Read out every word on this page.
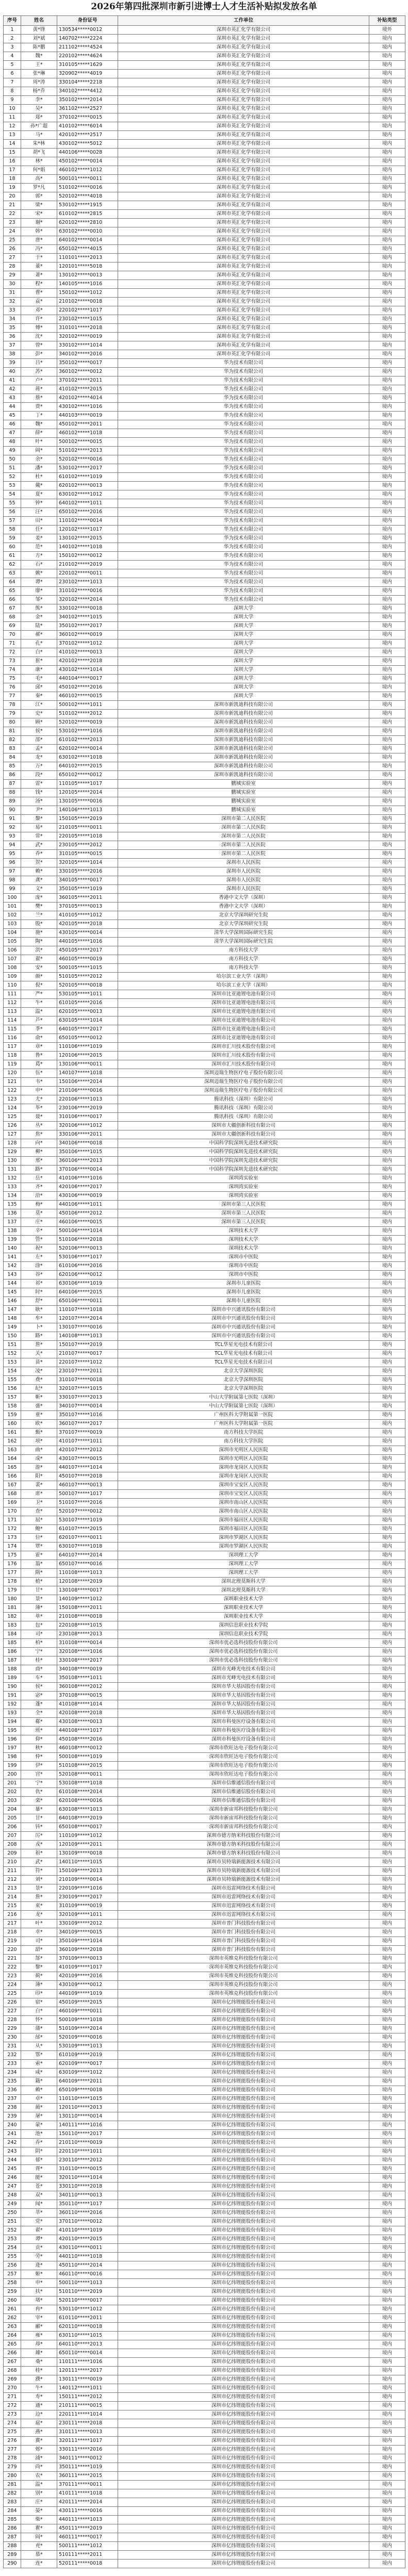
2026年第四批深圳市新引进博士人才生活补贴拟发放名单
序号	姓名	身份证号	工作单位	补贴类型
1	黄*锋	130534*****0012	深圳市英汇化学有限公司	境外
2	刘*斌	140702*****2224	深圳市英汇化学有限公司	境内
3	陈*鹏	211102*****4524	深圳市英汇化学有限公司	境内
4	魏*	220102*****4624	深圳市英汇化学有限公司	境内
5	王*	310105*****1629	深圳市英汇化学有限公司	境内
6	张*琳	320902*****4019	深圳市英汇化学有限公司	境内
7	周*涛	330104*****2218	深圳市英汇化学有限公司	境内
8	杨*乔	340102*****4412	深圳市英汇化学有限公司	境内
9	李*	350102*****2014	深圳市英汇化学有限公司	境内
10	吴*	361102*****2527	深圳市英汇化学有限公司	境内
11	郑*	370102*****0015	深圳市英汇化学有限公司	境内
12	孙*广超	410102*****6014	深圳市英汇化学有限公司	境内
13	马*	420102*****2517	深圳市英汇化学有限公司	境内
14	朱*林	430102*****5012	深圳市英汇化学有限公司	境内
15	胡*飞	440106*****0028	深圳市英汇化学有限公司	境内
16	林*	450102*****0014	深圳市英汇化学有限公司	境内
17	何*娟	460102*****1012	深圳市英汇化学有限公司	境内
18	高*	500101*****0011	深圳市英汇化学有限公司	境内
19	罗*凡	510102*****0016	深圳市英汇化学有限公司	境内
20	郭*	520102*****4018	深圳市英汇化学有限公司	境内
21	梁*	530102*****1915	深圳市英汇化学有限公司	境内
22	宋*	610102*****2815	深圳市英汇化学有限公司	境内
23	谢*	620102*****2810	深圳市英汇化学有限公司	境内
24	韩*	630102*****0010	深圳市英汇化学有限公司	境内
25	唐*	640102*****0014	深圳市英汇化学有限公司	境内
26	冯*	650102*****4015	深圳市英汇化学有限公司	境内
27	于*	110101*****2013	深圳市英汇化学有限公司	境内
28	董*	120101*****5018	深圳市英汇化学有限公司	境内
29	萧*	130102*****0013	深圳市英汇化学有限公司	境内
30	程*	140105*****1016	深圳市英汇化学有限公司	境内
31	曹*	150102*****1012	深圳市英汇化学有限公司	境内
32	袁*	210102*****0018	深圳市英汇化学有限公司	境内
33	邓*	220102*****1017	深圳市英汇化学有限公司	境内
34	许*	230102*****1015	深圳市英汇化学有限公司	境内
35	傅*	310101*****2018	深圳市英汇化学有限公司	境内
36	沈*	320102*****0019	深圳市英汇化学有限公司	境内
37	曾*	330102*****1014	深圳市英汇化学有限公司	境内
38	彭*	340102*****2016	深圳市英汇化学有限公司	境内
39	吕*	350102*****0017	华为技术有限公司	境内
40	苏*	360102*****0012	华为技术有限公司	境内
41	卢*	370102*****2011	华为技术有限公司	境内
42	蒋*	410102*****2015	华为技术有限公司	境内
43	蔡*	420102*****4014	华为技术有限公司	境内
44	贾*	430102*****1016	华为技术有限公司	境内
45	丁*	440103*****0019	华为技术有限公司	境内
46	魏*	450102*****2011	华为技术有限公司	境内
47	薛*	460102*****1018	华为技术有限公司	境内
48	叶*	500102*****0015	华为技术有限公司	境内
49	阎*	510102*****2013	华为技术有限公司	境内
50	余*	520102*****0016	华为技术有限公司	境内
51	潘*	530102*****2017	华为技术有限公司	境内
52	杜*	610102*****1019	华为技术有限公司	境内
53	戴*	620102*****0013	华为技术有限公司	境内
54	夏*	630102*****1012	华为技术有限公司	境内
55	钟*	640102*****1011	华为技术有限公司	境内
56	汪*	650102*****2016	华为技术有限公司	境内
57	田*	110102*****0014	华为技术有限公司	境内
58	任*	120102*****1017	华为技术有限公司	境内
59	姜*	130102*****2015	华为技术有限公司	境内
60	范*	140102*****1018	华为技术有限公司	境内
61	方*	150102*****0012	华为技术有限公司	境内
62	石*	210102*****2019	华为技术有限公司	境内
63	姚*	220102*****0011	华为技术有限公司	境内
64	谭*	230102*****1013	华为技术有限公司	境内
65	廖*	310102*****0016	华为技术有限公司	境内
66	邹*	320102*****2014	华为技术有限公司	境内
67	熊*	330102*****0018	深圳大学	境内
68	金*	340102*****1015	深圳大学	境内
69	陆*	350102*****2017	深圳大学	境内
70	郝*	360102*****0019	深圳大学	境内
71	孔*	370102*****1012	深圳大学	境内
72	白*	410102*****0013	深圳大学	境内
73	崔*	420102*****2018	深圳大学	境内
74	康*	430102*****1014	深圳大学	境内
75	毛*	440104*****0017	深圳大学	境内
76	邱*	450102*****2016	深圳大学	境内
77	秦*	460102*****0015	深圳大学	境内
78	江*	500102*****1011	深圳市新凯迪科技有限公司	境内
79	史*	510102*****2012	深圳市新凯迪科技有限公司	境内
80	顾*	520102*****0019	深圳市新凯迪科技有限公司	境内
81	侯*	530102*****1016	深圳市新凯迪科技有限公司	境内
82	邵*	610102*****2013	深圳市新凯迪科技有限公司	境内
83	孟*	620102*****0014	深圳市新凯迪科技有限公司	境内
84	龙*	630102*****1018	深圳市新凯迪科技有限公司	境内
85	万*	640102*****2015	深圳市新凯迪科技有限公司	境内
86	段*	650102*****0012	深圳市新凯迪科技有限公司	境内
87	雷*	110105*****1017	鹏城实验室	境内
88	钱*	120105*****2014	鹏城实验室	境内
89	汤*	130105*****0016	鹏城实验室	境内
90	尹*	140106*****1013	鹏城实验室	境内
91	黎*	150105*****2019	深圳市第二人民医院	境内
92	易*	210105*****0011	深圳市第二人民医院	境内
93	常*	220105*****1018	深圳市第二人民医院	境内
94	武*	230105*****2012	深圳市第二人民医院	境内
95	乔*	310105*****0015	深圳市第二人民医院	境内
96	贺*	320105*****1014	深圳市人民医院	境内
97	赖*	330105*****2016	深圳市人民医院	境内
98	龚*	340105*****0017	深圳市人民医院	境内
99	文*	350105*****1019	深圳市人民医院	境内
100	庞*	360105*****2011	香港中文大学（深圳）	境内
101	樊*	370105*****0013	香港中文大学（深圳）	境内
102	兰*	410105*****1012	北京大学深圳研究生院	境内
103	殷*	420105*****2018	北京大学深圳研究生院	境内
104	施*	430105*****0014	清华大学深圳国际研究生院	境内
105	陶*	440105*****1016	清华大学深圳国际研究生院	境内
106	洪*	450105*****2017	南方科技大学	境内
107	翟*	460105*****0019	南方科技大学	境内
108	安*	500105*****1015	南方科技大学	境内
109	颜*	510105*****2012	哈尔滨工业大学（深圳）	境内
110	倪*	520105*****0018	哈尔滨工业大学（深圳）	境内
111	严*	530105*****1011	深圳市比亚迪锂电池有限公司	境内
112	牛*	610105*****2016	深圳市比亚迪锂电池有限公司	境内
113	温*	620105*****0013	深圳市比亚迪锂电池有限公司	境内
114	芦*	630105*****1014	深圳市比亚迪锂电池有限公司	境内
115	季*	640105*****2017	深圳市比亚迪锂电池有限公司	境内
116	俞*	650105*****0012	深圳市比亚迪锂电池有限公司	境内
117	章*	110106*****1019	深圳市汇川技术股份有限公司	境内
118	鲁*	120106*****2015	深圳市汇川技术股份有限公司	境内
119	葛*	130106*****0011	深圳市汇川技术股份有限公司	境内
120	伍*	140107*****1018	深圳迈瑞生物医疗电子股份有限公司	境内
121	韦*	150106*****2014	深圳迈瑞生物医疗电子股份有限公司	境内
122	申*	210106*****0016	深圳迈瑞生物医疗电子股份有限公司	境内
123	尤*	220106*****1013	腾讯科技（深圳）有限公司	境内
124	毕*	230106*****2019	腾讯科技（深圳）有限公司	境内
125	聂*	310106*****0017	腾讯科技（深圳）有限公司	境内
126	丛*	320106*****1012	深圳市大疆创新科技有限公司	境内
127	焦*	330106*****2011	深圳市大疆创新科技有限公司	境内
128	向*	340106*****0018	中国科学院深圳先进技术研究院	境内
129	柳*	350106*****1015	中国科学院深圳先进技术研究院	境内
130	邢*	360106*****2013	中国科学院深圳先进技术研究院	境内
131	路*	370106*****0014	中国科学院深圳先进技术研究院	境内
132	岳*	410106*****1016	深圳湾实验室	境内
133	齐*	420106*****2017	深圳湾实验室	境内
134	沿*	430106*****0019	深圳湾实验室	境内
135	梅*	440106*****1011	深圳市第三人民医院	境内
136	莫*	450106*****2012	深圳市第三人民医院	境内
137	庄*	460106*****0015	深圳市第三人民医院	境内
138	辛*	500106*****1014	深圳技术大学	境内
139	管*	510106*****2018	深圳技术大学	境内
140	祝*	520106*****0013	深圳技术大学	境内
141	左*	530106*****1017	深圳市中医院	境内
142	涂*	610106*****2016	深圳市中医院	境内
143	谷*	620106*****0012	深圳市中医院	境内
144	祁*	630106*****1019	深圳市儿童医院	境内
145	时*	640106*****2015	深圳市儿童医院	境内
146	舒*	650106*****0011	深圳市儿童医院	境内
147	耿*	110107*****1018	深圳市中兴通讯股份有限公司	境内
148	牟*	120107*****2014	深圳市中兴通讯股份有限公司	境内
149	卜*	130107*****0016	深圳市中兴通讯股份有限公司	境内
150	路*	140108*****1013	深圳市中兴通讯股份有限公司	境内
151	詹*	150107*****2019	TCL华星光电技术有限公司	境内
152	关*	210107*****0017	TCL华星光电技术有限公司	境内
153	苗*	220107*****1012	TCL华星光电技术有限公司	境内
154	凌*	230107*****2011	北京大学深圳医院	境内
155	费*	310107*****0018	北京大学深圳医院	境内
156	纪*	320107*****1015	北京大学深圳医院	境内
157	靳*	330107*****2013	中山大学附属第七医院（深圳）	境内
158	盛*	340107*****0014	中山大学附属第七医院（深圳）	境内
159	童*	350107*****1016	广州医科大学附属第一医院	境内
160	欧*	360107*****2017	广州医科大学附属第一医院	境内
161	甄*	370107*****0019	南方科技大学医院	境内
162	项*	410107*****1011	南方科技大学医院	境内
163	曲*	420107*****2012	深圳市光明区人民医院	境内
164	成*	430107*****0015	深圳市光明区人民医院	境内
165	游*	440107*****1014	深圳市龙岗区人民医院	境内
166	阳*	450107*****2018	深圳市龙岗区人民医院	境内
167	裴*	460107*****0013	深圳市宝安区人民医院	境内
168	席*	500107*****1017	深圳市宝安区人民医院	境内
169	卫*	510107*****2016	深圳市南山区人民医院	境内
170	查*	520107*****0012	深圳市南山区人民医院	境内
171	屈*	530107*****1019	深圳市福田区人民医院	境内
172	鲍*	610107*****2015	深圳市福田区人民医院	境内
173	位*	620107*****0011	深圳市罗湖区人民医院	境内
174	覃*	630107*****1018	深圳市罗湖区人民医院	境内
175	霍*	640107*****2014	深圳理工大学	境内
176	翁*	650107*****0016	深圳理工大学	境内
177	隋*	110108*****1013	深圳理工大学	境内
178	植*	120108*****2019	深圳北理莫斯科大学	境内
179	甘*	130108*****0017	深圳北理莫斯科大学	境内
180	景*	140109*****1012	深圳职业技术大学	境内
181	薄*	150108*****2011	深圳职业技术大学	境内
182	单*	210108*****0018	深圳职业技术大学	境内
183	包*	220108*****1015	深圳信息职业技术学院	境内
184	司*	230108*****2013	深圳信息职业技术学院	境内
185	柏*	310108*****0014	深圳市优必选科技股份有限公司	境内
186	宁*	320108*****1016	深圳市优必选科技股份有限公司	境内
187	桂*	330108*****2017	深圳市优必选科技股份有限公司	境内
188	商*	340108*****0019	深圳市光峰光电技术有限公司	境内
189	车*	350108*****1011	深圳市光峰光电技术有限公司	境内
190	侯*	360108*****2012	深圳市华大基因股份有限公司	境内
191	宓*	370108*****0015	深圳市华大基因股份有限公司	境内
192	蓬*	410108*****1014	深圳市华大基因股份有限公司	境内
193	全*	420108*****2018	深圳市华大基因股份有限公司	境内
194	郗*	430108*****0013	深圳市科曼医疗设备有限公司	境内
195	班*	440108*****1017	深圳市科曼医疗设备有限公司	境内
196	仰*	450108*****2016	深圳市科曼医疗设备有限公司	境内
197	秋*	460108*****0012	深圳市欣旺达电子股份有限公司	境内
198	仲*	500108*****1019	深圳市欣旺达电子股份有限公司	境内
199	伊*	510108*****2015	深圳市欣旺达电子股份有限公司	境内
200	宫*	520108*****0011	深圳市欣旺达电子股份有限公司	境内
201	宁*	530108*****1018	深圳市信维通信股份有限公司	境内
202	仇*	610108*****2014	深圳市信维通信股份有限公司	境内
203	栾*	620108*****0016	深圳市信维通信股份有限公司	境内
204	暴*	630108*****1013	深圳市新宙邦科技股份有限公司	境内
205	甘*	640108*****2019	深圳市新宙邦科技股份有限公司	境内
206	钭*	650108*****0017	深圳市新宙邦科技股份有限公司	境内
207	厉*	110109*****1012	深圳市德方纳米科技股份有限公司	境内
208	戎*	120109*****2011	深圳市德方纳米科技股份有限公司	境内
209	祖*	130109*****0018	深圳市德方纳米科技股份有限公司	境内
210	武*	140110*****1015	深圳市贝特瑞新能源技术有限公司	境内
211	符*	150109*****2013	深圳市贝特瑞新能源技术有限公司	境内
212	刘*	210109*****0014	深圳市贝特瑞新能源技术有限公司	境内
213	景*	220109*****1016	深圳市迅雷网络技术有限公司	境内
214	詹*	230109*****2017	深圳市迅雷网络技术有限公司	境内
215	束*	310109*****0019	深圳市迅雷网络技术有限公司	境内
216	龙*	320109*****1011	深圳市迅雷网络技术有限公司	境内
217	叶*	330109*****2012	深圳市普门科技股份有限公司	境内
218	幸*	340109*****0015	深圳市普门科技股份有限公司	境内
219	司*	350109*****1014	深圳市普门科技股份有限公司	境内
220	韶*	360109*****2018	深圳市普门科技股份有限公司	境内
221	郜*	370109*****0013	深圳市英维克科技股份有限公司	境内
222	黎*	410109*****1017	深圳市英维克科技股份有限公司	境内
223	蓟*	420109*****2016	深圳市英维克科技股份有限公司	境内
224	薄*	430109*****0012	深圳市英维克科技股份有限公司	境内
225	印*	440109*****1019	深圳市英维克科技股份有限公司	境内
226	宿*	450109*****2015	深圳市亿纬锂能股份有限公司	境内
227	白*	460109*****0011	深圳市亿纬锂能股份有限公司	境内
228	怀*	500109*****1018	深圳市亿纬锂能股份有限公司	境内
229	蒲*	510109*****2014	深圳市亿纬锂能股份有限公司	境内
230	邰*	520109*****0016	深圳市亿纬锂能股份有限公司	境内
231	从*	530109*****1013	深圳市亿纬锂能股份有限公司	境内
232	鄂*	610109*****2019	深圳市亿纬锂能股份有限公司	境内
233	索*	620109*****0017	深圳市亿纬锂能股份有限公司	境内
234	咸*	630109*****1012	深圳市亿纬锂能股份有限公司	境内
235	籍*	640109*****2011	深圳市亿纬锂能股份有限公司	境内
236	赖*	650109*****0018	深圳市亿纬锂能股份有限公司	境内
237	卓*	110110*****1015	深圳市亿纬锂能股份有限公司	境内
238	蔺*	120110*****2013	深圳市亿纬锂能股份有限公司	境内
239	屠*	130110*****0014	深圳市亿纬锂能股份有限公司	境内
240	蒙*	140111*****1016	深圳市亿纬锂能股份有限公司	境内
241	池*	150110*****2017	深圳市亿纬锂能股份有限公司	境内
242	乔*	210110*****0019	深圳市亿纬锂能股份有限公司	境内
243	阴*	220110*****1011	深圳市亿纬锂能股份有限公司	境内
244	郁*	230110*****2012	深圳市亿纬锂能股份有限公司	境内
245	胥*	310110*****0015	深圳市亿纬锂能股份有限公司	境内
246	能*	320110*****1014	深圳市亿纬锂能股份有限公司	境内
247	苍*	330110*****2018	深圳市亿纬锂能股份有限公司	境内
248	双*	340110*****0013	深圳市亿纬锂能股份有限公司	境内
249	闻*	350110*****1017	深圳市亿纬锂能股份有限公司	境内
250	莘*	360110*****2016	深圳市亿纬锂能股份有限公司	境内
251	党*	370110*****0012	深圳市亿纬锂能股份有限公司	境内
252	翟*	410110*****1019	深圳市亿纬锂能股份有限公司	境内
253	谭*	420110*****2015	深圳市亿纬锂能股份有限公司	境内
254	贡*	430110*****0011	深圳市亿纬锂能股份有限公司	境内
255	劳*	440110*****1018	深圳市亿纬锂能股份有限公司	境内
256	逄*	450110*****2014	深圳市亿纬锂能股份有限公司	境内
257	姬*	460110*****0016	深圳市亿纬锂能股份有限公司	境内
258	申*	500110*****1013	深圳市亿纬锂能股份有限公司	境内
259	扶*	510110*****2019	深圳市亿纬锂能股份有限公司	境内
260	堵*	520110*****0017	深圳市亿纬锂能股份有限公司	境内
261	冉*	530110*****1012	深圳市亿纬锂能股份有限公司	境内
262	宰*	610110*****2011	深圳市亿纬锂能股份有限公司	境内
263	郦*	620110*****0018	深圳市亿纬锂能股份有限公司	境内
264	雍*	630110*****1015	深圳市亿纬锂能股份有限公司	境内
265	却*	640110*****2013	深圳市亿纬锂能股份有限公司	境内
266	璩*	650110*****0014	深圳市亿纬锂能股份有限公司	境内
267	桑*	110111*****1016	深圳市亿纬锂能股份有限公司	境内
268	桂*	120111*****2017	深圳市亿纬锂能股份有限公司	境内
269	濮*	130111*****0019	深圳市亿纬锂能股份有限公司	境内
270	牛*	140112*****1011	深圳市亿纬锂能股份有限公司	境内
271	寿*	150111*****2012	深圳市亿纬锂能股份有限公司	境内
272	通*	210111*****0015	深圳市亿纬锂能股份有限公司	境内
273	边*	220111*****1014	深圳市亿纬锂能股份有限公司	境内
274	扈*	230111*****2018	深圳市亿纬锂能股份有限公司	境内
275	燕*	310111*****0013	深圳市亿纬锂能股份有限公司	境内
276	冀*	320111*****1017	深圳市亿纬锂能股份有限公司	境内
277	郏*	330111*****2016	深圳市亿纬锂能股份有限公司	境内
278	浦*	340111*****0012	深圳市亿纬锂能股份有限公司	境内
279	尚*	350111*****1019	深圳市亿纬锂能股份有限公司	境内
280	农*	360111*****2015	深圳市亿纬锂能股份有限公司	境内
281	温*	370111*****0011	深圳市亿纬锂能股份有限公司	境内
282	别*	410111*****1018	深圳市亿纬锂能股份有限公司	境内
283	庄*	420111*****2014	深圳市亿纬锂能股份有限公司	境内
284	晏*	430111*****0016	深圳市亿纬锂能股份有限公司	境内
285	柴*	440111*****1013	深圳市亿纬锂能股份有限公司	境内
286	瞿*	450111*****2019	深圳市亿纬锂能股份有限公司	境内
287	阎*	460111*****0017	深圳市亿纬锂能股份有限公司	境内
288	充*	500111*****1012	深圳市亿纬锂能股份有限公司	境内
289	慕*	510111*****2011	深圳市亿纬锂能股份有限公司	境内
290	连*	520111*****0018	深圳市亿纬锂能股份有限公司	境内
